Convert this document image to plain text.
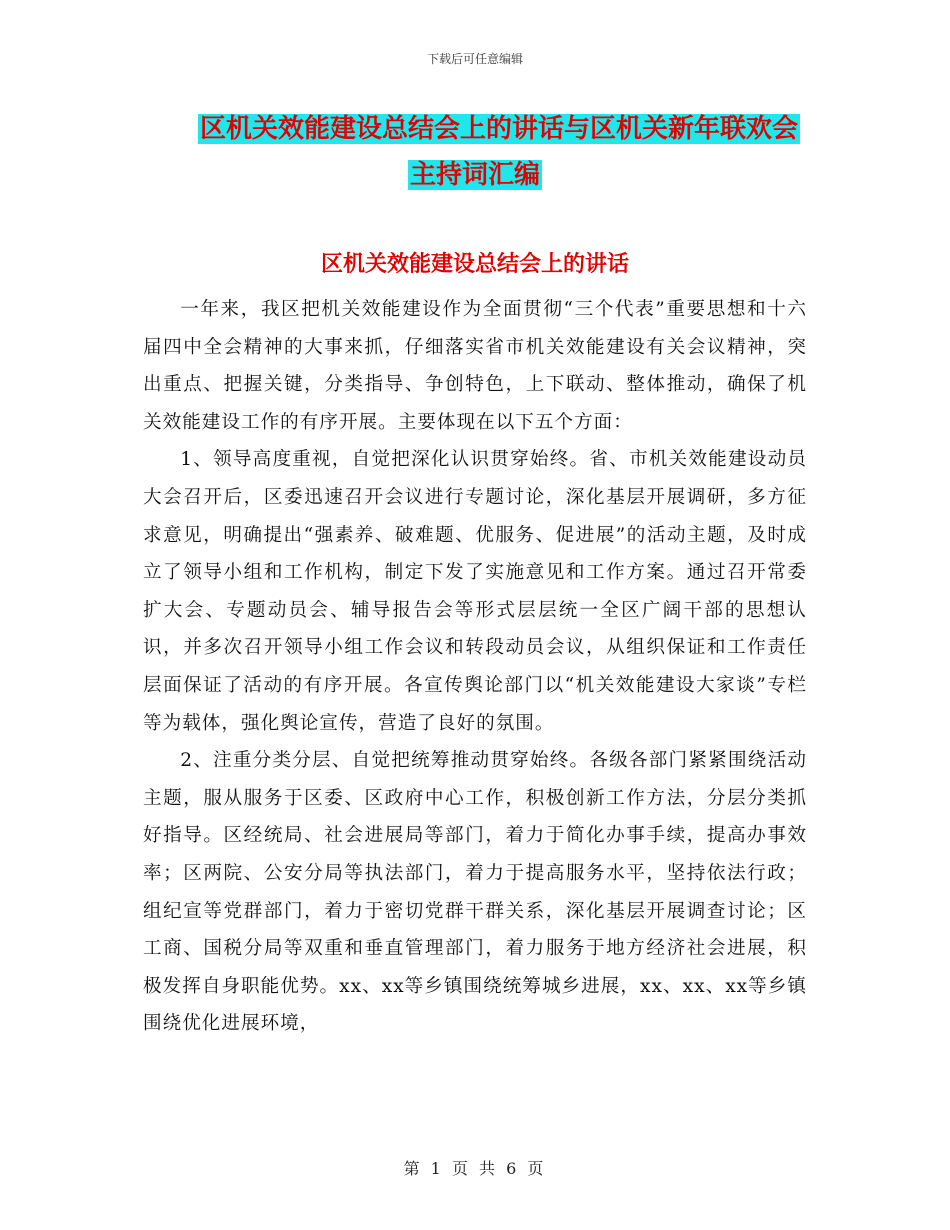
下载后可任意编辑
区机关效能建设总结会上的讲话与区机关新年联欢会
主持词汇编
区机关效能建设总结会上的讲话

一年来，我区把机关效能建设作为全面贯彻“三个代表”重要思想和十六届四中全会精神的大事来抓，仔细落实省市机关效能建设有关会议精神，突出重点、把握关键，分类指导、争创特色，上下联动、整体推动，确保了机关效能建设工作的有序开展。主要体现在以下五个方面：

1、领导高度重视，自觉把深化认识贯穿始终。省、市机关效能建设动员大会召开后，区委迅速召开会议进行专题讨论，深化基层开展调研，多方征求意见，明确提出“强素养、破难题、优服务、促进展”的活动主题，及时成立了领导小组和工作机构，制定下发了实施意见和工作方案。通过召开常委扩大会、专题动员会、辅导报告会等形式层层统一全区广阔干部的思想认识，并多次召开领导小组工作会议和转段动员会议，从组织保证和工作责任层面保证了活动的有序开展。各宣传舆论部门以“机关效能建设大家谈”专栏等为载体，强化舆论宣传，营造了良好的氛围。

2、注重分类分层、自觉把统筹推动贯穿始终。各级各部门紧紧围绕活动主题，服从服务于区委、区政府中心工作，积极创新工作方法，分层分类抓好指导。区经统局、社会进展局等部门，着力于简化办事手续，提高办事效率；区两院、公安分局等执法部门，着力于提高服务水平，坚持依法行政；组纪宣等党群部门，着力于密切党群干群关系，深化基层开展调查讨论；区工商、国税分局等双重和垂直管理部门，着力服务于地方经济社会进展，积极发挥自身职能优势。xx、xx等乡镇围绕统筹城乡进展，xx、xx、xx等乡镇围绕优化进展环境，

第 1 页 共 6 页
